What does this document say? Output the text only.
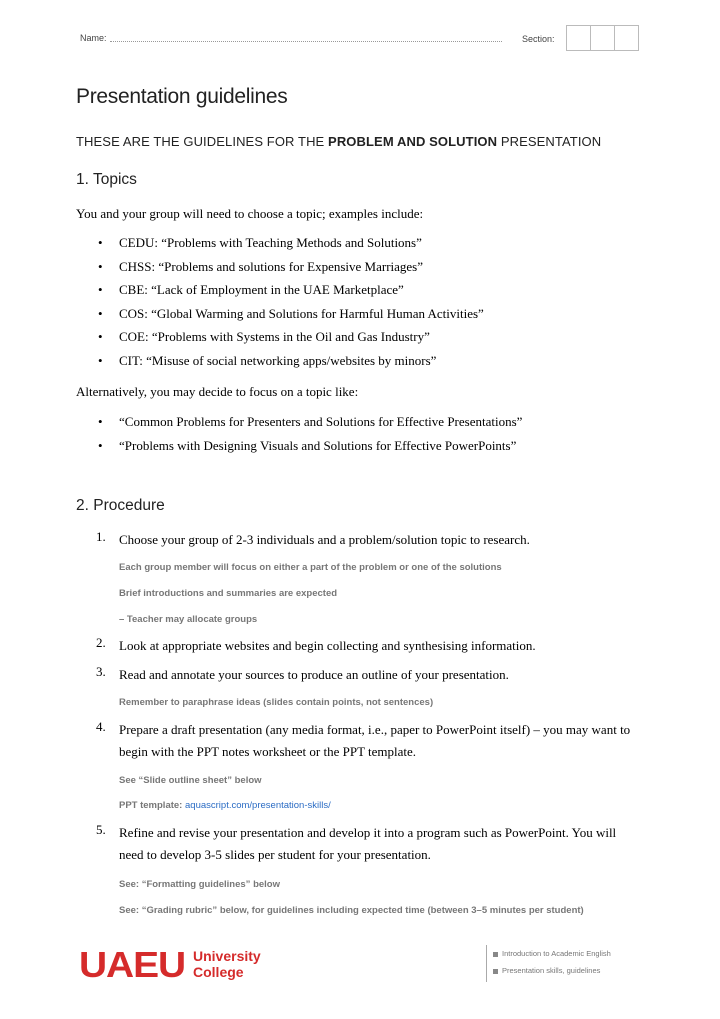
Name:	Section:
Presentation guidelines
THESE ARE THE GUIDELINES FOR THE PROBLEM AND SOLUTION PRESENTATION
1. Topics
You and your group will need to choose a topic; examples include:
• CEDU: “Problems with Teaching Methods and Solutions”
• CHSS: “Problems and solutions for Expensive Marriages”
• CBE: “Lack of Employment in the UAE Marketplace”
• COS: “Global Warming and Solutions for Harmful Human Activities”
• COE: “Problems with Systems in the Oil and Gas Industry”
• CIT: “Misuse of social networking apps/websites by minors”
Alternatively, you may decide to focus on a topic like:
• “Common Problems for Presenters and Solutions for Effective Presentations”
• “Problems with Designing Visuals and Solutions for Effective PowerPoints”
2. Procedure
1. Choose your group of 2-3 individuals and a problem/solution topic to research.
Each group member will focus on either a part of the problem or one of the solutions
Brief introductions and summaries are expected
– Teacher may allocate groups
2. Look at appropriate websites and begin collecting and synthesising information.
3. Read and annotate your sources to produce an outline of your presentation.
Remember to paraphrase ideas (slides contain points, not sentences)
4. Prepare a draft presentation (any media format, i.e., paper to PowerPoint itself) – you may want to begin with the PPT notes worksheet or the PPT template.
See “Slide outline sheet” below
PPT template: aquascript.com/presentation-skills/
5. Refine and revise your presentation and develop it into a program such as PowerPoint. You will need to develop 3-5 slides per student for your presentation.
See: “Formatting guidelines” below
See: “Grading rubric” below, for guidelines including expected time (between 3–5 minutes per student)
UAEU University
College
Introduction to Academic English
Presentation skills, guidelines
